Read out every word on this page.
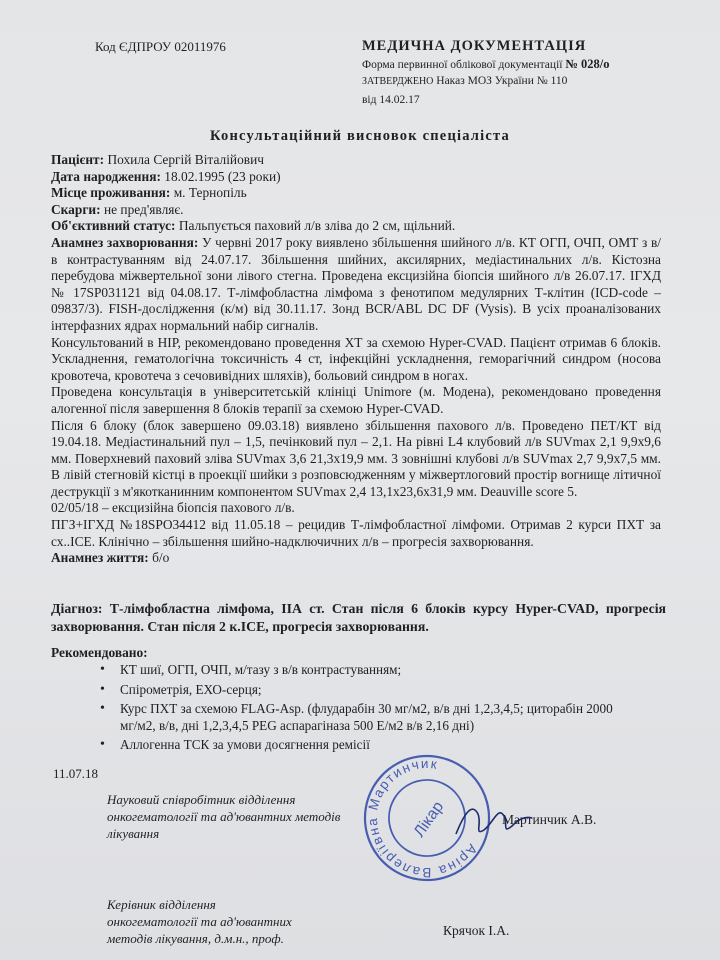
Код ЄДПРОУ 02011976	МЕДИЧНА ДОКУМЕНТАЦІЯ
Форма первинної облікової документації № 028/о
ЗАТВЕРДЖЕНО Наказ МОЗ України № 110
від 14.02.17
Консультаційний висновок спеціаліста

Пацієнт: Похила Сергій Віталійович

Дата народження: 18.02.1995 (23 роки)

Місце проживання: м. Тернопіль

Скарги: не пред'являє.

Об'єктивний статус: Пальпується паховий л/в зліва до 2 см, щільний.

Анамнез захворювання: У червні 2017 року виявлено збільшення шийного л/в. КТ ОГП, ОЧП, ОМТ з в/в контрастуванням від 24.07.17. Збільшення шийних, аксилярних, медіастинальних л/в. Кістозна перебудова міжвертельної зони лівого стегна. Проведена ексцизійна біопсія шийного л/в 26.07.17. ІГХД № 17SP031121 від 04.08.17. Т-лімфобластна лімфома з фенотипом медулярних Т-клітин (ICD-code – 09837/3). FISH-дослідження (к/м) від 30.11.17. Зонд BCR/ABL DC DF (Vysis). В усіх проаналізованих інтерфазних ядрах нормальний набір сигналів.

Консультований в НІР, рекомендовано проведення ХТ за схемою Hyper-CVAD. Пацієнт отримав 6 блоків. Ускладнення, гематологічна токсичність 4 ст, інфекційні ускладнення, геморагічний синдром (носова кровотеча, кровотеча з сечовивідних шляхів), больовий синдром в ногах.

Проведена консультація в університетській клініці Unimore (м. Модена), рекомендовано проведення алогенної після завершення 8 блоків терапії за схемою Hyper-CVAD.

Після 6 блоку (блок завершено 09.03.18) виявлено збільшення пахового л/в. Проведено ПЕТ/КТ від 19.04.18. Медіастинальний пул – 1,5, печінковий пул – 2,1. На рівні L4 клубовий л/в SUVmax 2,1 9,9х9,6 мм. Поверхневий паховий зліва SUVmax 3,6 21,3х19,9 мм. 3 зовнішні клубові л/в SUVmax 2,7 9,9х7,5 мм. В лівій стегновій кістці в проекції шийки з розповсюдженням у міжвертлоговий простір вогнище літичної деструкції з м'якотканинним компонентом SUVmax 2,4 13,1х23,6х31,9 мм. Deauville score 5.

02/05/18 – ексцизійна біопсія пахового л/в.

ПГЗ+ІГХД №18SPO34412 від 11.05.18 – рецидив Т-лімфобластної лімфоми. Отримав 2 курси ПХТ за сх..ICE. Клінічно – збільшення шийно-надключичних л/в – прогресія захворювання.

Анамнез життя: б/о

Діагноз: Т-лімфобластна лімфома, ІІА ст. Стан після 6 блоків курсу Hyper-CVAD, прогресія захворювання. Стан після 2 к.ІСЕ, прогресія захворювання.
Рекомендовано:
• КТ шиї, ОГП, ОЧП, м/тазу з в/в контрастуванням;
• Спірометрія, ЕХО-серця;
• Курс ПХТ за схемою FLAG-Asp. (флударабін 30 мг/м2, в/в дні 1,2,3,4,5; циторабін 2000 мг/м2, в/в, дні 1,2,3,4,5 PEG аспарагіназа 500 Е/м2 в/в 2,16 дні)
• Аллогенна ТСК за умови досягнення ремісії
11.07.18
Науковий співробітник відділення
онкогематології та ад'ювантних методів
лікування
Мартинчик А.В.
Аріна Валеріївна Мартинчик
Лікар
Керівник відділення
онкогематології та ад'ювантних
методів лікування, д.м.н., проф.
Крячок І.А.
